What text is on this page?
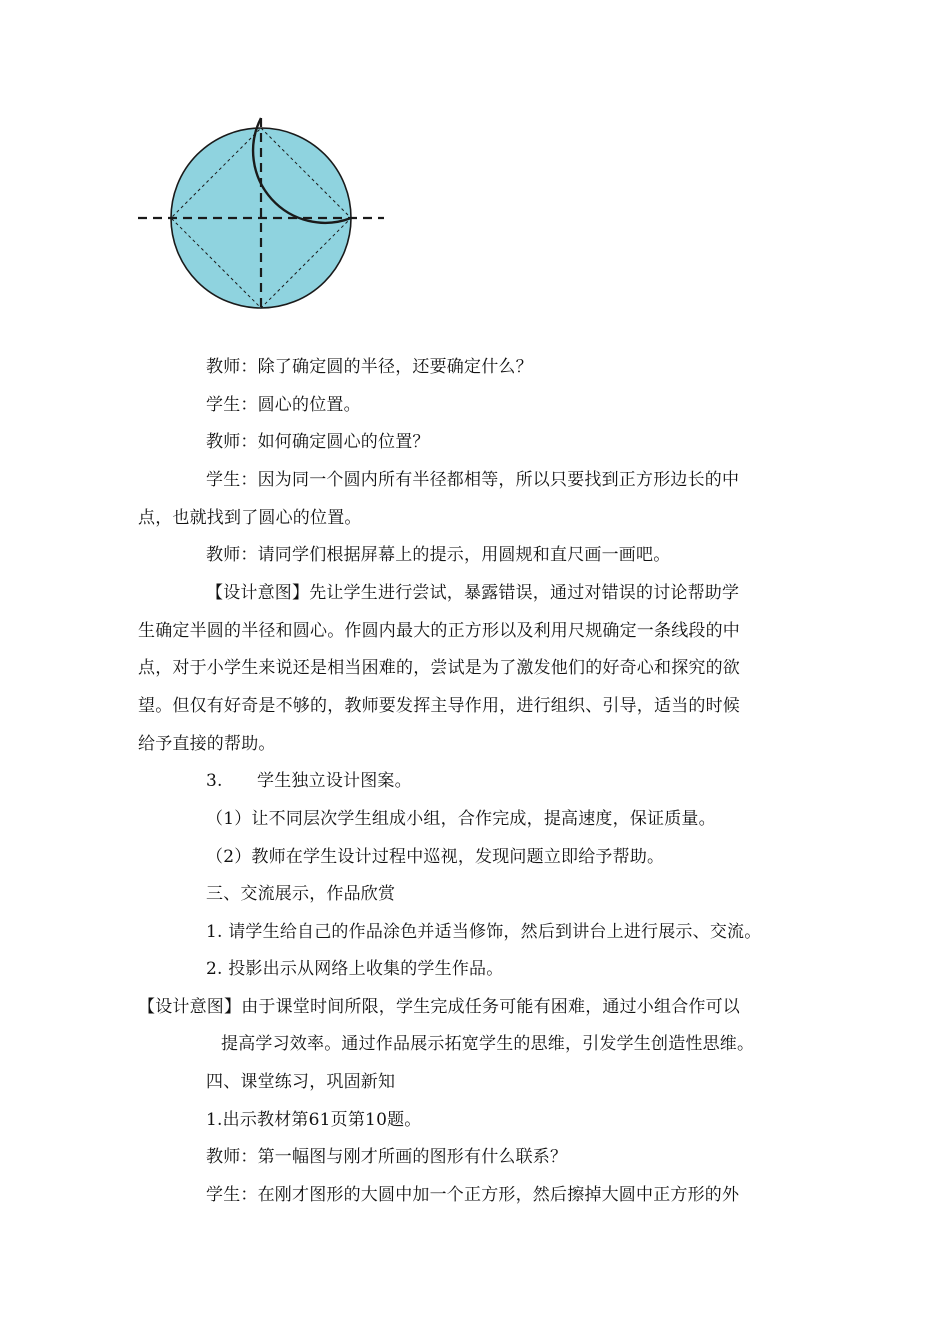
教师：除了确定圆的半径，还要确定什么？
学生：圆心的位置。
教师：如何确定圆心的位置？
学生：因为同一个圆内所有半径都相等，所以只要找到正方形边长的中
点，也就找到了圆心的位置。
教师：请同学们根据屏幕上的提示，用圆规和直尺画一画吧。
【设计意图】先让学生进行尝试，暴露错误，通过对错误的讨论帮助学
生确定半圆的半径和圆心。作圆内最大的正方形以及利用尺规确定一条线段的中
点，对于小学生来说还是相当困难的，尝试是为了激发他们的好奇心和探究的欲
望。但仅有好奇是不够的，教师要发挥主导作用，进行组织、引导，适当的时候
给予直接的帮助。
3.　　学生独立设计图案。
（1）让不同层次学生组成小组，合作完成，提高速度，保证质量。
（2）教师在学生设计过程中巡视，发现问题立即给予帮助。
三、交流展示，作品欣赏
1. 请学生给自己的作品涂色并适当修饰，然后到讲台上进行展示、交流。
2. 投影出示从网络上收集的学生作品。
【设计意图】由于课堂时间所限，学生完成任务可能有困难，通过小组合作可以
提高学习效率。通过作品展示拓宽学生的思维，引发学生创造性思维。
四、课堂练习，巩固新知
1.出示教材第61页第10题。
教师：第一幅图与刚才所画的图形有什么联系？
学生：在刚才图形的大圆中加一个正方形，然后擦掉大圆中正方形的外
